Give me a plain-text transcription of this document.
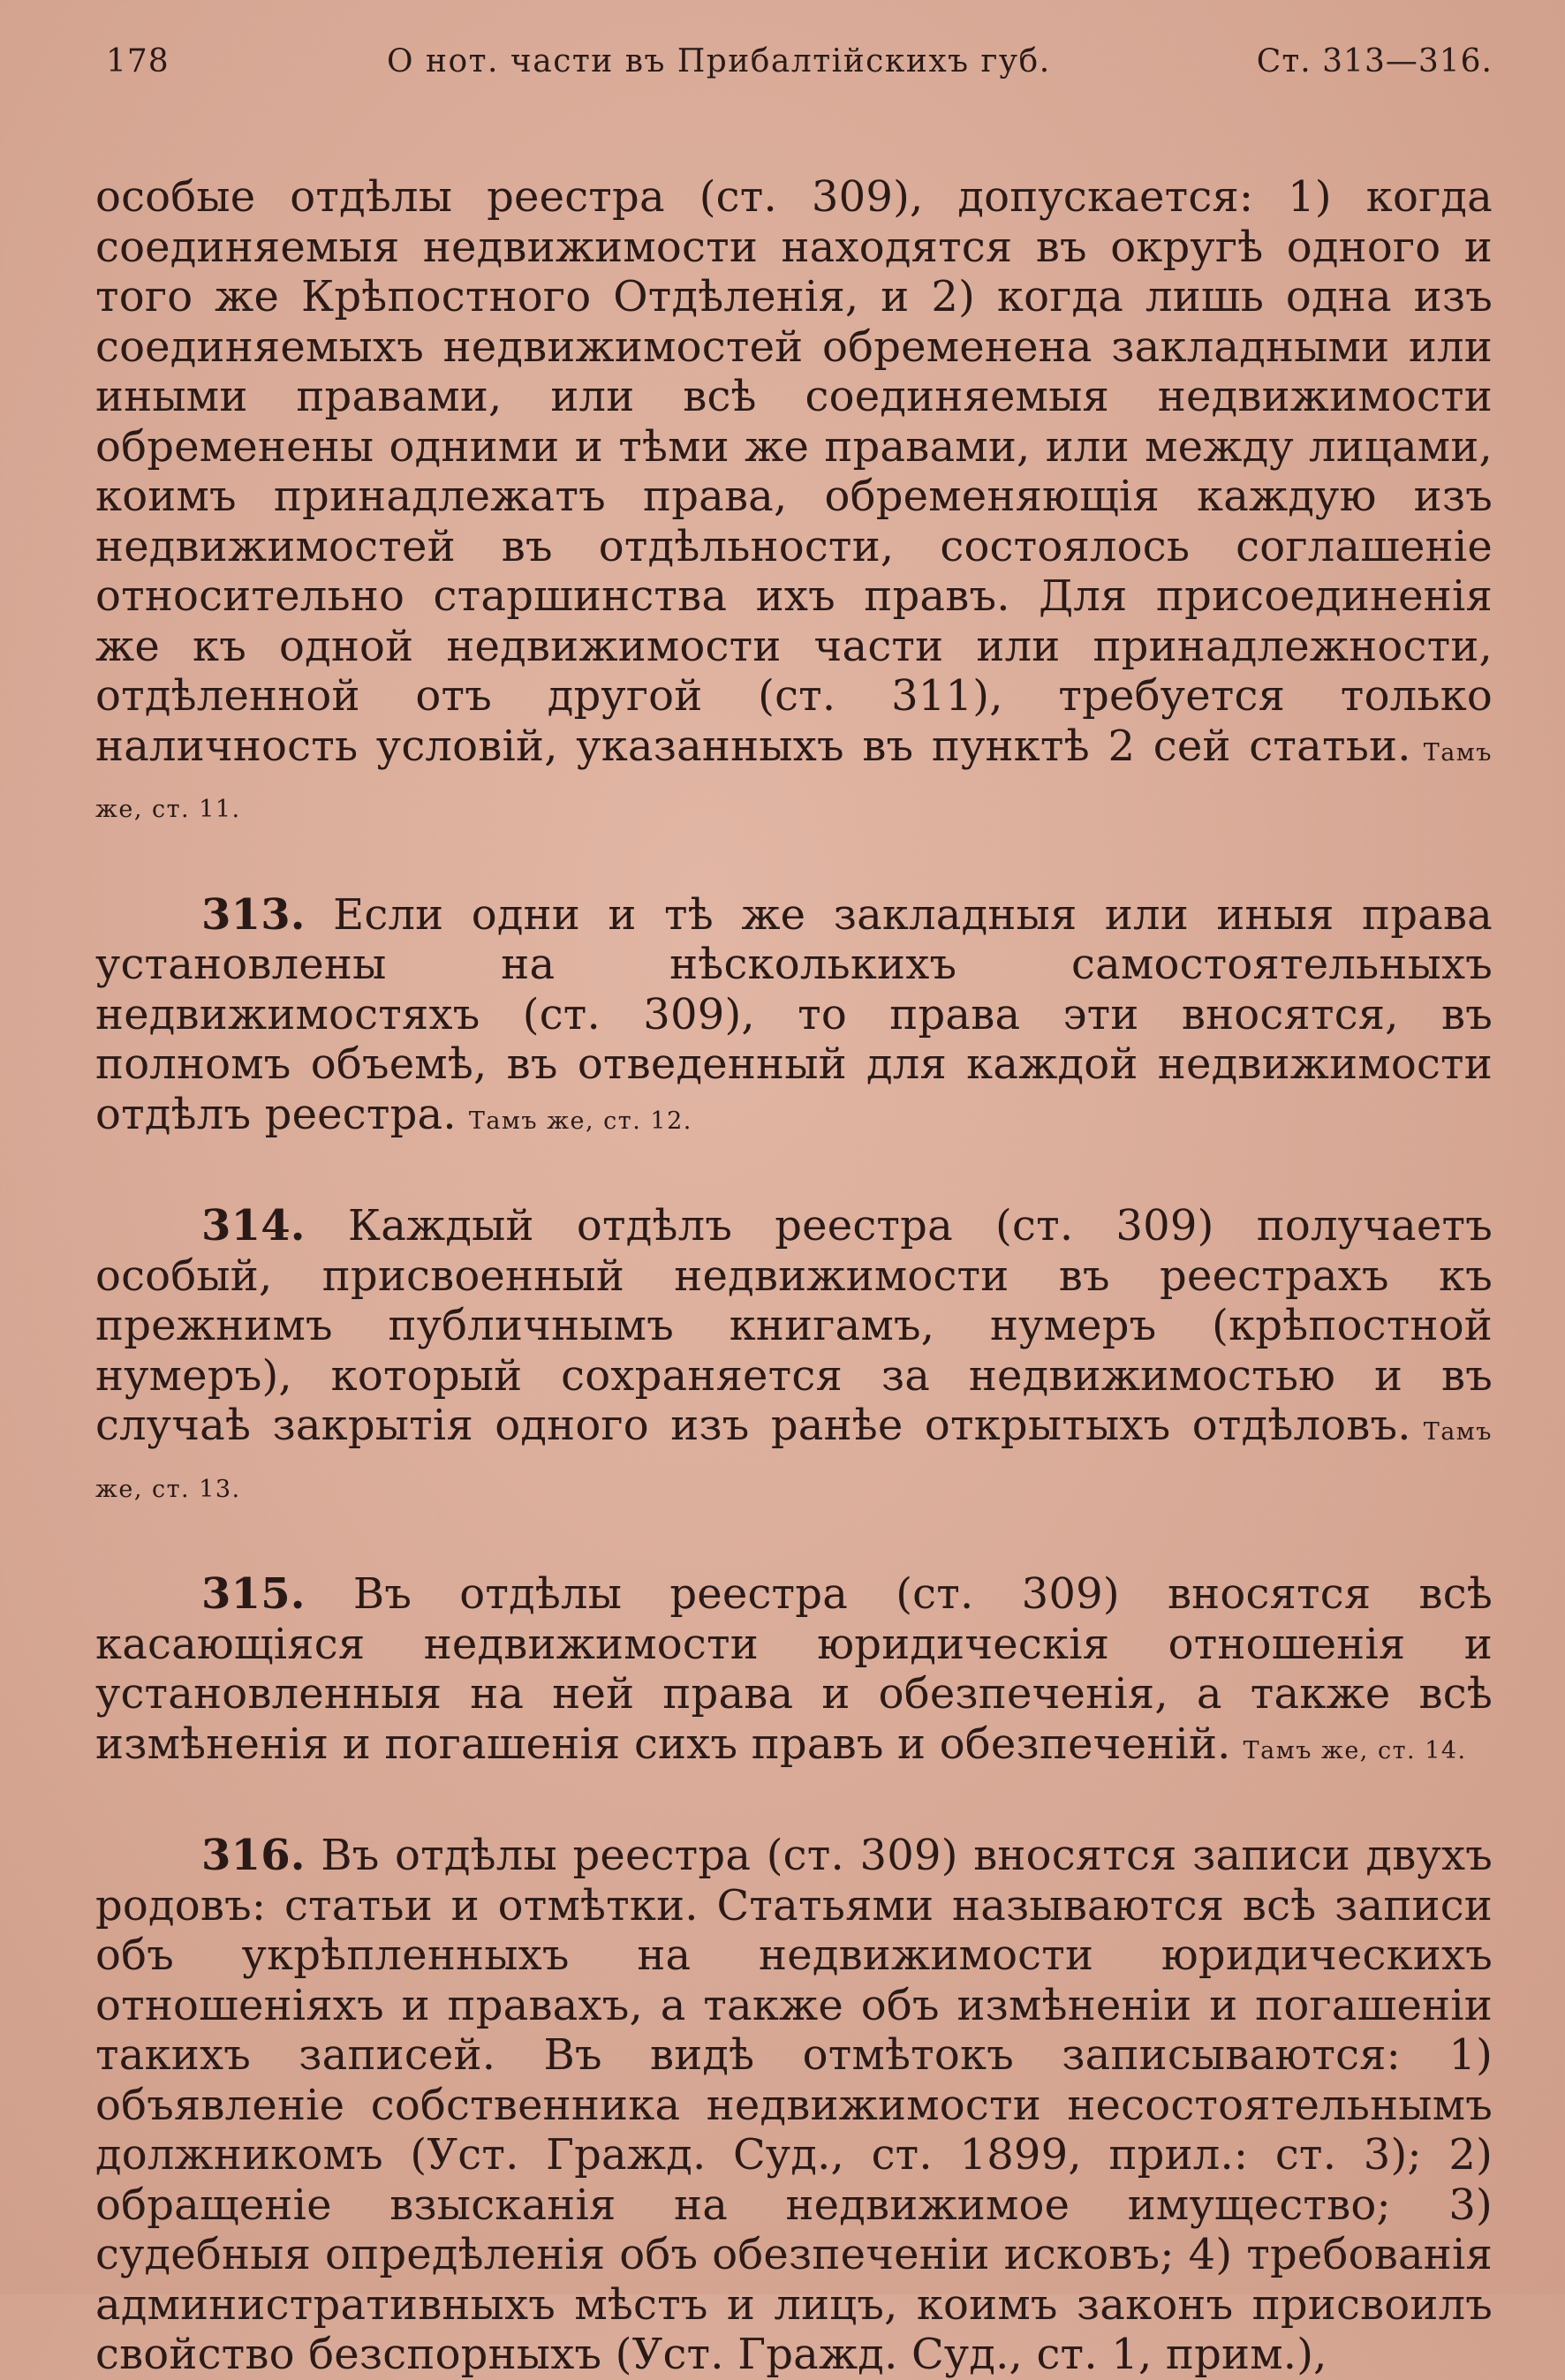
178	О нот. части въ Прибалтійскихъ губ.	Ст. 313—316.

особые отдѣлы реестра (ст. 309), допускается: 1) когда соединяемыя недвижимости находятся въ округѣ одного и того же Крѣпостного Отдѣленія, и 2) когда лишь одна изъ соединяемыхъ недвижимостей обременена закладными или иными правами, или всѣ соединяемыя недвижимости обременены одними и тѣми же правами, или между лицами, коимъ принадлежатъ права, обременяющія каждую изъ недвижимостей въ отдѣльности, состоялось соглашеніе относительно старшинства ихъ правъ. Для присоединенія же къ одной недвижимости части или принадлежности, отдѣленной отъ другой (ст. 311), требуется только наличность условій, указанныхъ въ пунктѣ 2 сей статьи. Тамъ же, ст. 11.

313. Если одни и тѣ же закладныя или иныя права установлены на нѣсколькихъ самостоятельныхъ недвижимостяхъ (ст. 309), то права эти вносятся, въ полномъ объемѣ, въ отведенный для каждой недвижимости отдѣлъ реестра. Тамъ же, ст. 12.

314. Каждый отдѣлъ реестра (ст. 309) получаетъ особый, присвоенный недвижимости въ реестрахъ къ прежнимъ публичнымъ книгамъ, нумеръ (крѣпостной нумеръ), который сохраняется за недвижимостью и въ случаѣ закрытія одного изъ ранѣе открытыхъ отдѣловъ. Тамъ же, ст. 13.

315. Въ отдѣлы реестра (ст. 309) вносятся всѣ касающіяся недвижимости юридическія отношенія и установленныя на ней права и обезпеченія, а также всѣ измѣненія и погашенія сихъ правъ и обезпеченій. Тамъ же, ст. 14.

316. Въ отдѣлы реестра (ст. 309) вносятся записи двухъ родовъ: статьи и отмѣтки. Статьями называются всѣ записи объ укрѣпленныхъ на недвижимости юридическихъ отношеніяхъ и правахъ, а также объ измѣненіи и погашеніи такихъ записей. Въ видѣ отмѣтокъ записываются: 1) объявленіе собственника недвижимости несостоятельнымъ должникомъ (Уст. Гражд. Суд., ст. 1899, прил.: ст. 3); 2) обращеніе взысканія на недвижимое имущество; 3) судебныя опредѣленія объ обезпеченіи исковъ; 4) требованія административныхъ мѣстъ и лицъ, коимъ законъ присвоилъ свойство безспорныхъ (Уст. Гражд. Суд., ст. 1, прим.),
